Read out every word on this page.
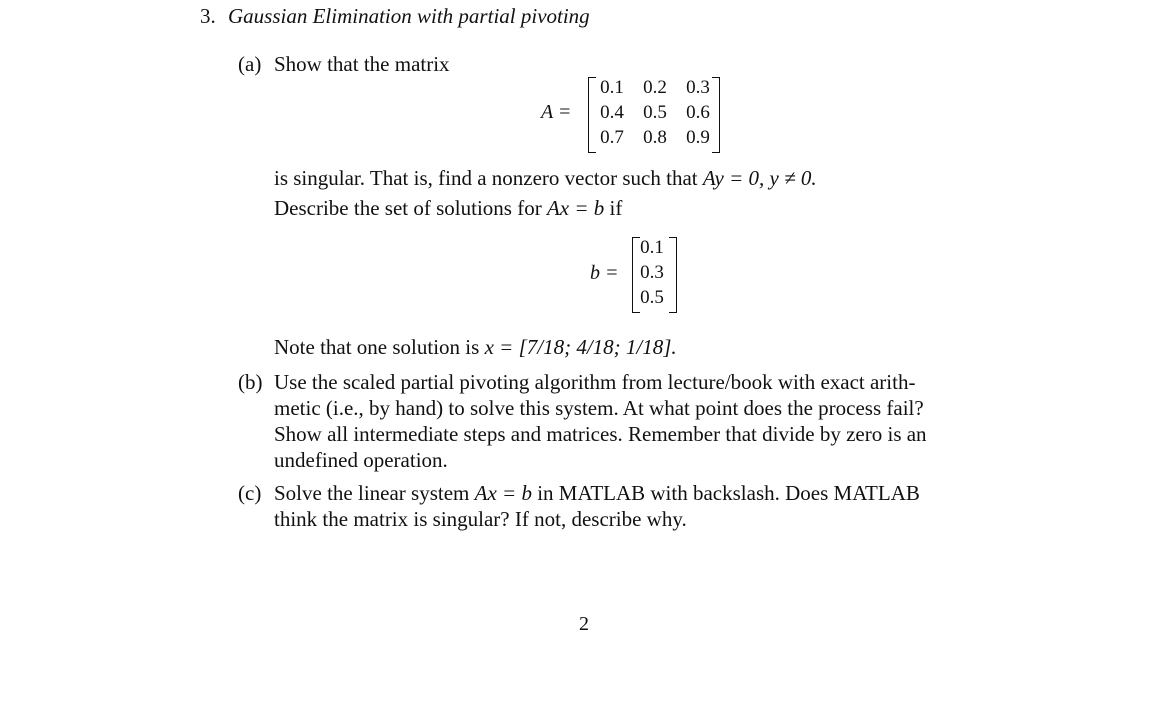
3. Gaussian Elimination with partial pivoting
(a) Show that the matrix
A =
0.1	0.2	0.3
0.4	0.5	0.6
0.7	0.8	0.9
is singular. That is, find a nonzero vector such that Ay = 0, y ≠ 0.
Describe the set of solutions for Ax = b if
b =
0.1
0.3
0.5
Note that one solution is x = [7/18; 4/18; 1/18].
(b) Use the scaled partial pivoting algorithm from lecture/book with exact arith-
metic (i.e., by hand) to solve this system. At what point does the process fail?
Show all intermediate steps and matrices. Remember that divide by zero is an
undefined operation.
(c) Solve the linear system Ax = b in MATLAB with backslash. Does MATLAB
think the matrix is singular? If not, describe why.
2
